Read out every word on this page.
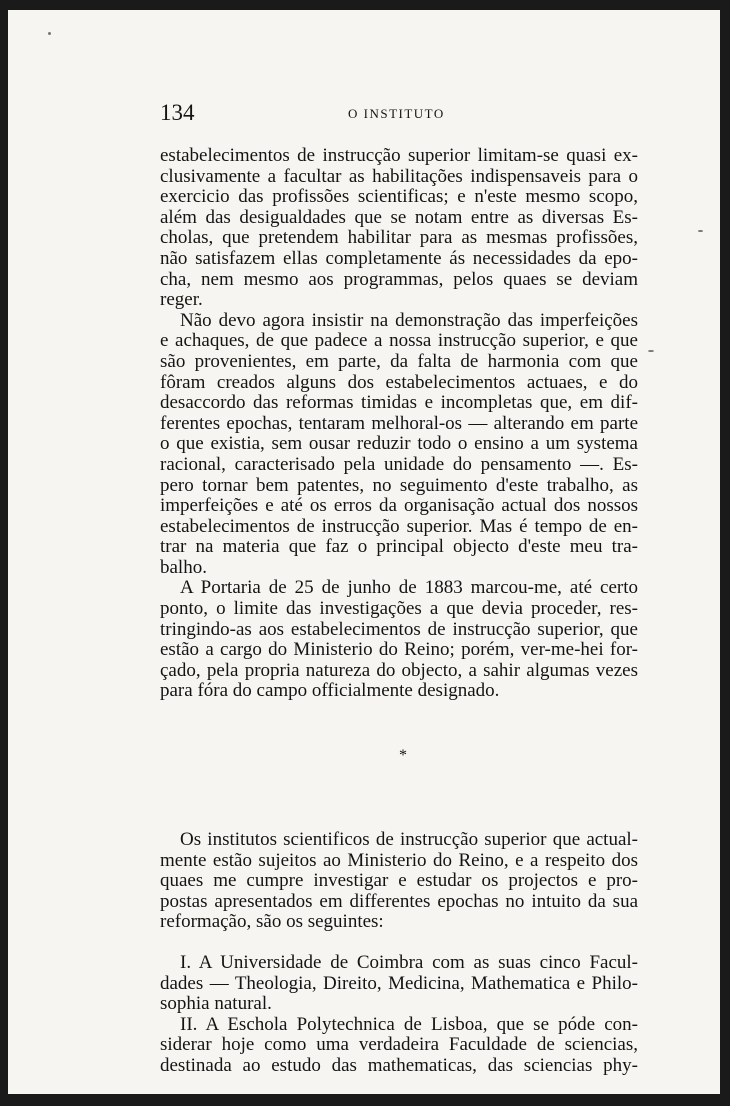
134	O INSTITUTO
estabelecimentos de instrucção superior limitam-se quasi ex-
clusivamente a facultar as habilitações indispensaveis para o
exercicio das profissões scientificas; e n'este mesmo scopo,
além das desigualdades que se notam entre as diversas Es-
cholas, que pretendem habilitar para as mesmas profissões,
não satisfazem ellas completamente ás necessidades da epo-
cha, nem mesmo aos programmas, pelos quaes se deviam
reger.
Não devo agora insistir na demonstração das imperfeições
e achaques, de que padece a nossa instrucção superior, e que
são provenientes, em parte, da falta de harmonia com que
fôram creados alguns dos estabelecimentos actuaes, e do
desaccordo das reformas timidas e incompletas que, em dif-
ferentes epochas, tentaram melhoral-os — alterando em parte
o que existia, sem ousar reduzir todo o ensino a um systema
racional, caracterisado pela unidade do pensamento —. Es-
pero tornar bem patentes, no seguimento d'este trabalho, as
imperfeições e até os erros da organisação actual dos nossos
estabelecimentos de instrucção superior. Mas é tempo de en-
trar na materia que faz o principal objecto d'este meu tra-
balho.
A Portaria de 25 de junho de 1883 marcou-me, até certo
ponto, o limite das investigações a que devia proceder, res-
tringindo-as aos estabelecimentos de instrucção superior, que
estão a cargo do Ministerio do Reino; porém, ver-me-hei for-
çado, pela propria natureza do objecto, a sahir algumas vezes
para fóra do campo officialmente designado.
*
Os institutos scientificos de instrucção superior que actual-
mente estão sujeitos ao Ministerio do Reino, e a respeito dos
quaes me cumpre investigar e estudar os projectos e pro-
postas apresentados em differentes epochas no intuito da sua
reformação, são os seguintes:
I. A Universidade de Coimbra com as suas cinco Facul-
dades — Theologia, Direito, Medicina, Mathematica e Philo-
sophia natural.
II. A Escholа Polytechnica de Lisboa, que se póde con-
siderar hoje como uma verdadeira Faculdade de sciencias,
destinada ao estudo das mathematicas, das sciencias phy-
